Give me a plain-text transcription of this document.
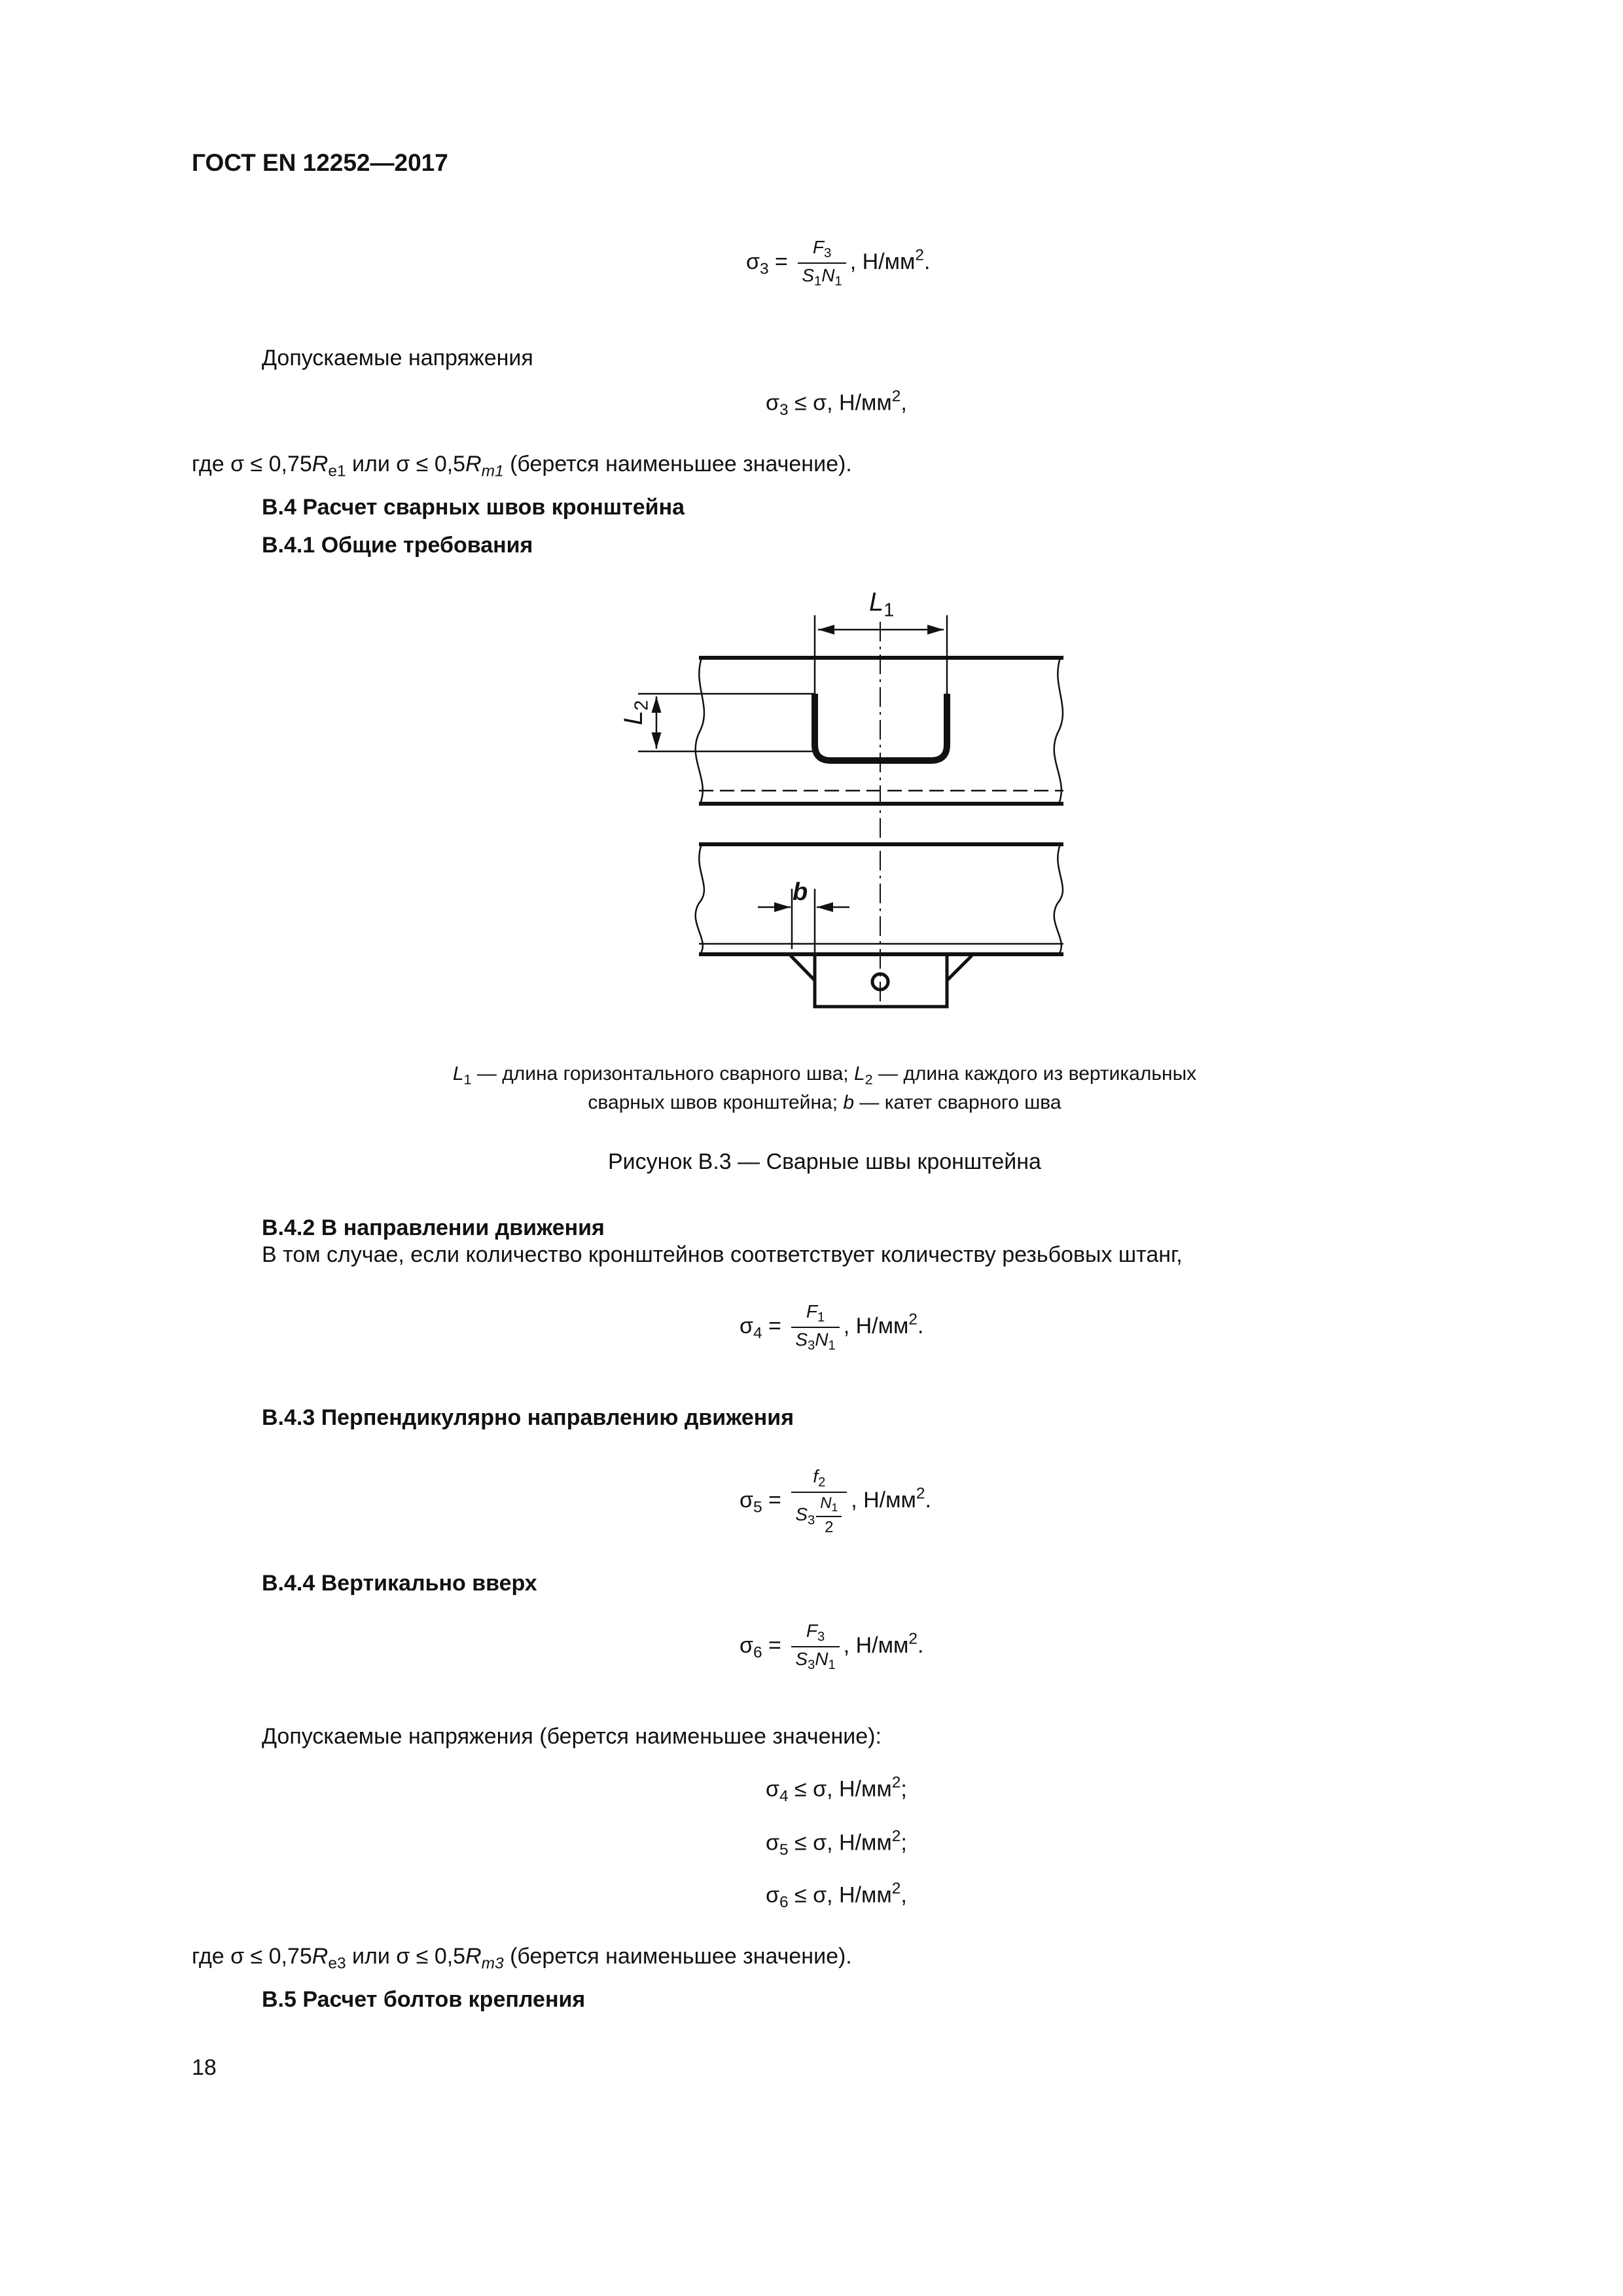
ГОСТ EN 12252—2017
$\sigma_3 = \frac{F_3}{S_1N_1}$ , $Н/мм^2$.
Допускаемые напряжения
$\sigma_3 \le \sigma$, $Н/мм^2$,
где $\sigma \le 0,75R_{e1}$ или $\sigma \le 0,5R_{m1}$ (берется наименьшее значение).
В.4 Расчет сварных швов кронштейна
В.4.1 Общие требования
$L_1$
$L_2$
b
$L_1$ — длина горизонтального сварного шва; $L_2$ — длина каждого из вертикальных
сварных швов кронштейна; b — катет сварного шва
Рисунок В.3 — Сварные швы кронштейна
В.4.2 В направлении движения
В том случае, если количество кронштейнов соответствует количеству резьбовых штанг,
$\sigma_4 = \frac{F_1}{S_3N_1}$ , $Н/мм^2$.
В.4.3 Перпендикулярно направлению движения
$\sigma_5 = \frac{f_2}{S_3 \frac{N_1}{2}}$ , $Н/мм^2$.
В.4.4 Вертикально вверх
$\sigma_6 = \frac{F_3}{S_3N_1}$ , $Н/мм^2$.
Допускаемые напряжения (берется наименьшее значение):
$\sigma_4 \le \sigma$, $Н/мм^2$;
$\sigma_5 \le \sigma$, $Н/мм^2$;
$\sigma_6 \le \sigma$, $Н/мм^2$,
где $\sigma \le 0,75R_{e3}$ или $\sigma \le 0,5R_{m3}$ (берется наименьшее значение).
В.5 Расчет болтов крепления
18
